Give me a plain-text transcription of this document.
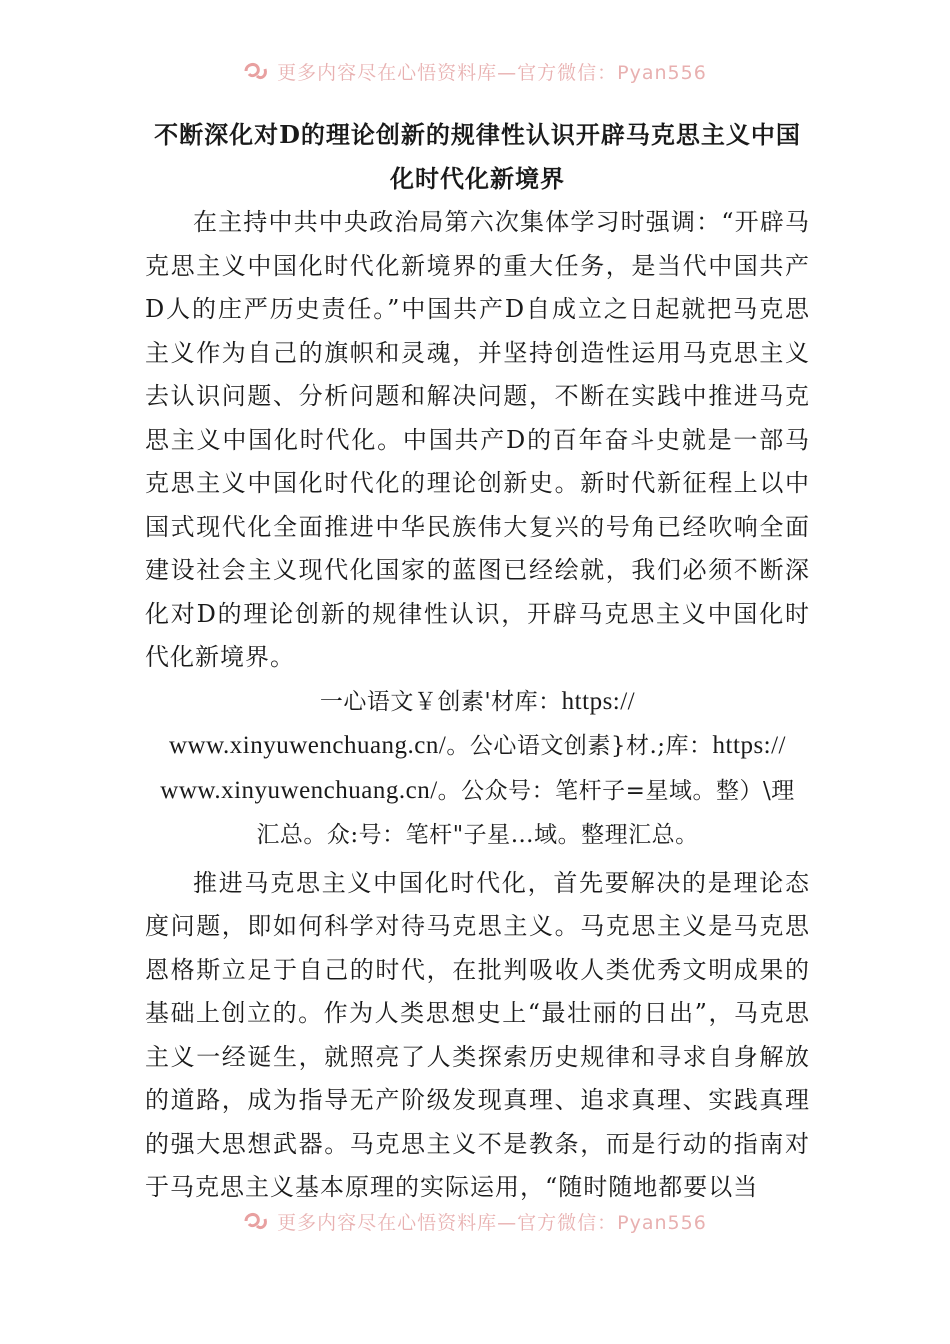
更多内容尽在心悟资料库—官方微信：Pyan556
不断深化对D的理论创新的规律性认识开辟马克思主义中国化时代化新境界

在主持中共中央政治局第六次集体学习时强调：“开辟马克思主义中国化时代化新境界的重大任务，是当代中国共产D人的庄严历史责任。”中国共产D自成立之日起就把马克思主义作为自己的旗帜和灵魂，并坚持创造性运用马克思主义去认识问题、分析问题和解决问题，不断在实践中推进马克思主义中国化时代化。中国共产D的百年奋斗史就是一部马克思主义中国化时代化的理论创新史。新时代新征程上以中国式现代化全面推进中华民族伟大复兴的号角已经吹响全面建设社会主义现代化国家的蓝图已经绘就，我们必须不断深化对D的理论创新的规律性认识，开辟马克思主义中国化时代化新境界。

一心语文￥创素'材库：https://

www.xinyuwenchuang.cn/。公心语文创素}材.;库：https://

www.xinyuwenchuang.cn/。公众号：笔杆子=星域。整）\理

汇总。众:号：笔杆"子星…域。整理汇总。

推进马克思主义中国化时代化，首先要解决的是理论态度问题，即如何科学对待马克思主义。马克思主义是马克思恩格斯立足于自己的时代，在批判吸收人类优秀文明成果的基础上创立的。作为人类思想史上“最壮丽的日出”，马克思主义一经诞生，就照亮了人类探索历史规律和寻求自身解放的道路，成为指导无产阶级发现真理、追求真理、实践真理的强大思想武器。马克思主义不是教条，而是行动的指南对于马克思主义基本原理的实际运用，“随时随地都要以当

更多内容尽在心悟资料库—官方微信：Pyan556
